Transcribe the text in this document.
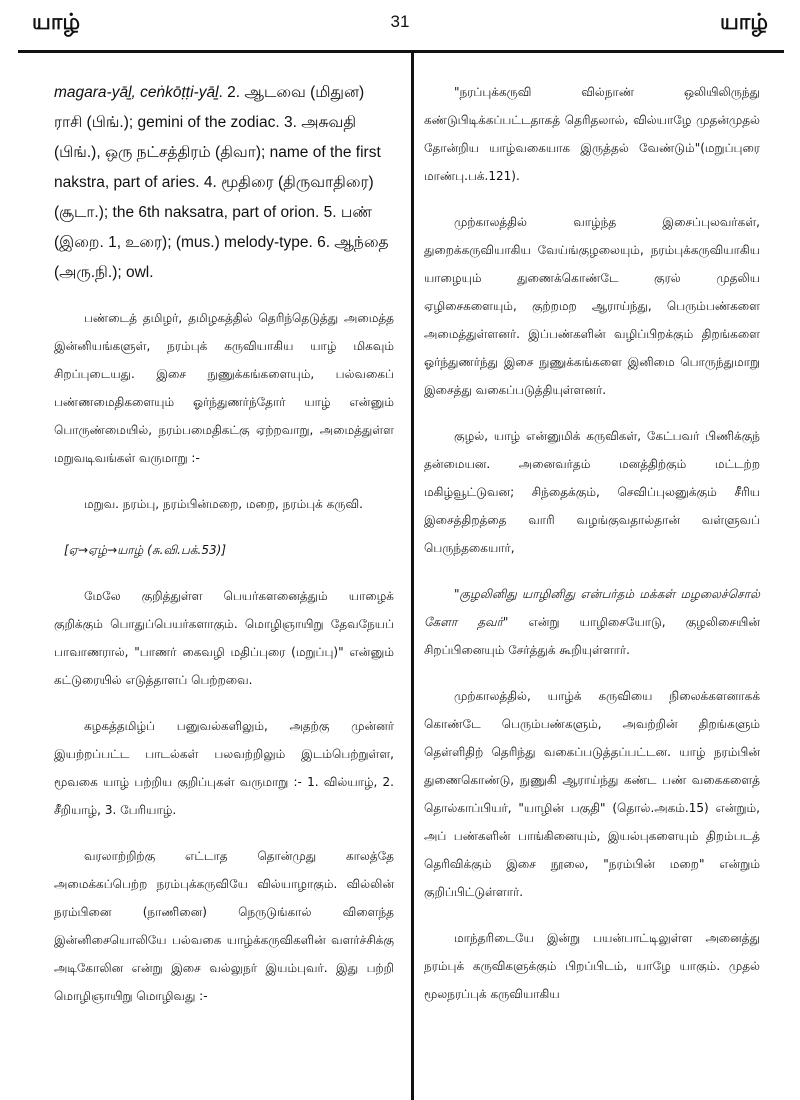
யாழ்	31	யாழ்

magara-yāḻ, ceṅkōṭṭi-yāḻ. 2. ஆடவை (மிதுன) ராசி (பிங்.); gemini of the zodiac. 3. அசுவதி (பிங்.), ஒரு நட்சத்திரம் (திவா); name of the first nakstra, part of aries. 4. மூதிரை (திருவாதிரை) (சூடா.); the 6th naksatra, part of orion. 5. பண் (இறை. 1, உரை); (mus.) melody-type. 6. ஆந்தை (அரு.நி.); owl.

பண்டைத் தமிழர், தமிழகத்தில் தெரிந்தெடுத்து அமைத்த இன்னியங்களுள், நரம்புக் கருவியாகிய யாழ் மிகவும் சிறப்புடையது. இசை நுணுக்கங்களையும், பல்வகைப் பண்ணமைதிகளையும் ஓர்ந்துணர்ந்தோர் யாழ் என்னும் பொருண்மையில், நரம்பமைதிகட்கு ஏற்றவாறு, அமைத்துள்ள மறுவடிவங்கள் வருமாறு :-

மறுவ. நரம்பு, நரம்பின்மறை, மறை, நரம்புக் கருவி.

[ஏ→ஏழ்→யாழ் (சு.வி.பக்.53)]

மேலே குறித்துள்ள பெயர்களனைத்தும் யாழைக் குறிக்கும் பொதுப்பெயர்களாகும். மொழிஞாயிறு தேவநேயப் பாவாணரால், "பாணர் கைவழி மதிப்புரை (மறுப்பு)" என்னும் கட்டுரையில் எடுத்தாளப் பெற்றவை.

கழகத்தமிழ்ப் பனுவல்களிலும், அதற்கு முன்னர் இயற்றப்பட்ட பாடல்கள் பலவற்றிலும் இடம்பெற்றுள்ள, மூவகை யாழ் பற்றிய குறிப்புகள் வருமாறு :- 1. வில்யாழ், 2. சீறியாழ், 3. பேரியாழ்.

வரலாற்றிற்கு எட்டாத தொன்முது காலத்தே அமைக்கப்பெற்ற நரம்புக்கருவியே வில்யாழாகும். வில்லின் நரம்பினை (நாணினை) நெருடுங்கால் விளைந்த இன்னிசையொலியே பல்வகை யாழ்க்கருவிகளின் வளர்ச்சிக்கு அடிகோலின என்று இசை வல்லுநர் இயம்புவர். இது பற்றி மொழிஞாயிறு மொழிவது :-

"நரப்புக்கருவி வில்நாண் ஒலியிலிருந்து கண்டுபிடிக்கப்பட்டதாகத் தெரிதலால், வில்யாழே முதன்முதல் தோன்றிய யாழ்வகையாக இருத்தல் வேண்டும்"(மறுப்புரை மாண்பு.பக்.121).

முற்காலத்தில் வாழ்ந்த இசைப்புலவர்கள், துறைக்கருவியாகிய வேய்ங்குழலையும், நரம்புக்கருவியாகிய யாழையும் துணைக்கொண்டே குரல் முதலிய ஏழிசைகளையும், குற்றமற ஆராய்ந்து, பெரும்பண்களை அமைத்துள்ளனர். இப்பண்களின் வழிப்பிறக்கும் திறங்களை ஓர்ந்துணர்ந்து இசை நுணுக்கங்களை இனிமை பொருந்துமாறு இசைத்து வகைப்படுத்தியுள்ளனர்.

குழல், யாழ் என்னுமிக் கருவிகள், கேட்பவர் பிணிக்குந் தன்மையன. அனைவர்தம் மனத்திற்கும் மட்டற்ற மகிழ்வூட்டுவன; சிந்தைக்கும், செவிப்புலனுக்கும் சீரிய இசைத்திறத்தை வாரி வழங்குவதால்தான் வள்ளுவப் பெருந்தகையார்,

"குழலினிது யாழினிது என்பர்தம் மக்கள் மழலைச்சொல் கேளா தவர்" என்று யாழிசையோடு, குழலிசையின் சிறப்பினையும் சேர்த்துக் கூறியுள்ளார்.

முற்காலத்தில், யாழ்க் கருவியை நிலைக்களனாகக் கொண்டே பெரும்பண்களும், அவற்றின் திறங்களும் தெள்ளிதிற் தெரிந்து வகைப்படுத்தப்பட்டன. யாழ் நரம்பின் துணைகொண்டு, நுணுகி ஆராய்ந்து கண்ட பண் வகைகளைத் தொல்காப்பியர், "யாழின் பகுதி" (தொல்.அகம்.15) என்றும், அப் பண்களின் பாங்கினையும், இயல்புகளையும் திறம்படத் தெரிவிக்கும் இசை நூலை, "நரம்பின் மறை" என்றும் குறிப்பிட்டுள்ளார்.

மாந்தரிடையே இன்று பயன்பாட்டிலுள்ள அனைத்து நரம்புக் கருவிகளுக்கும் பிறப்பிடம், யாழே யாகும். முதல் மூலநரப்புக் கருவியாகிய
